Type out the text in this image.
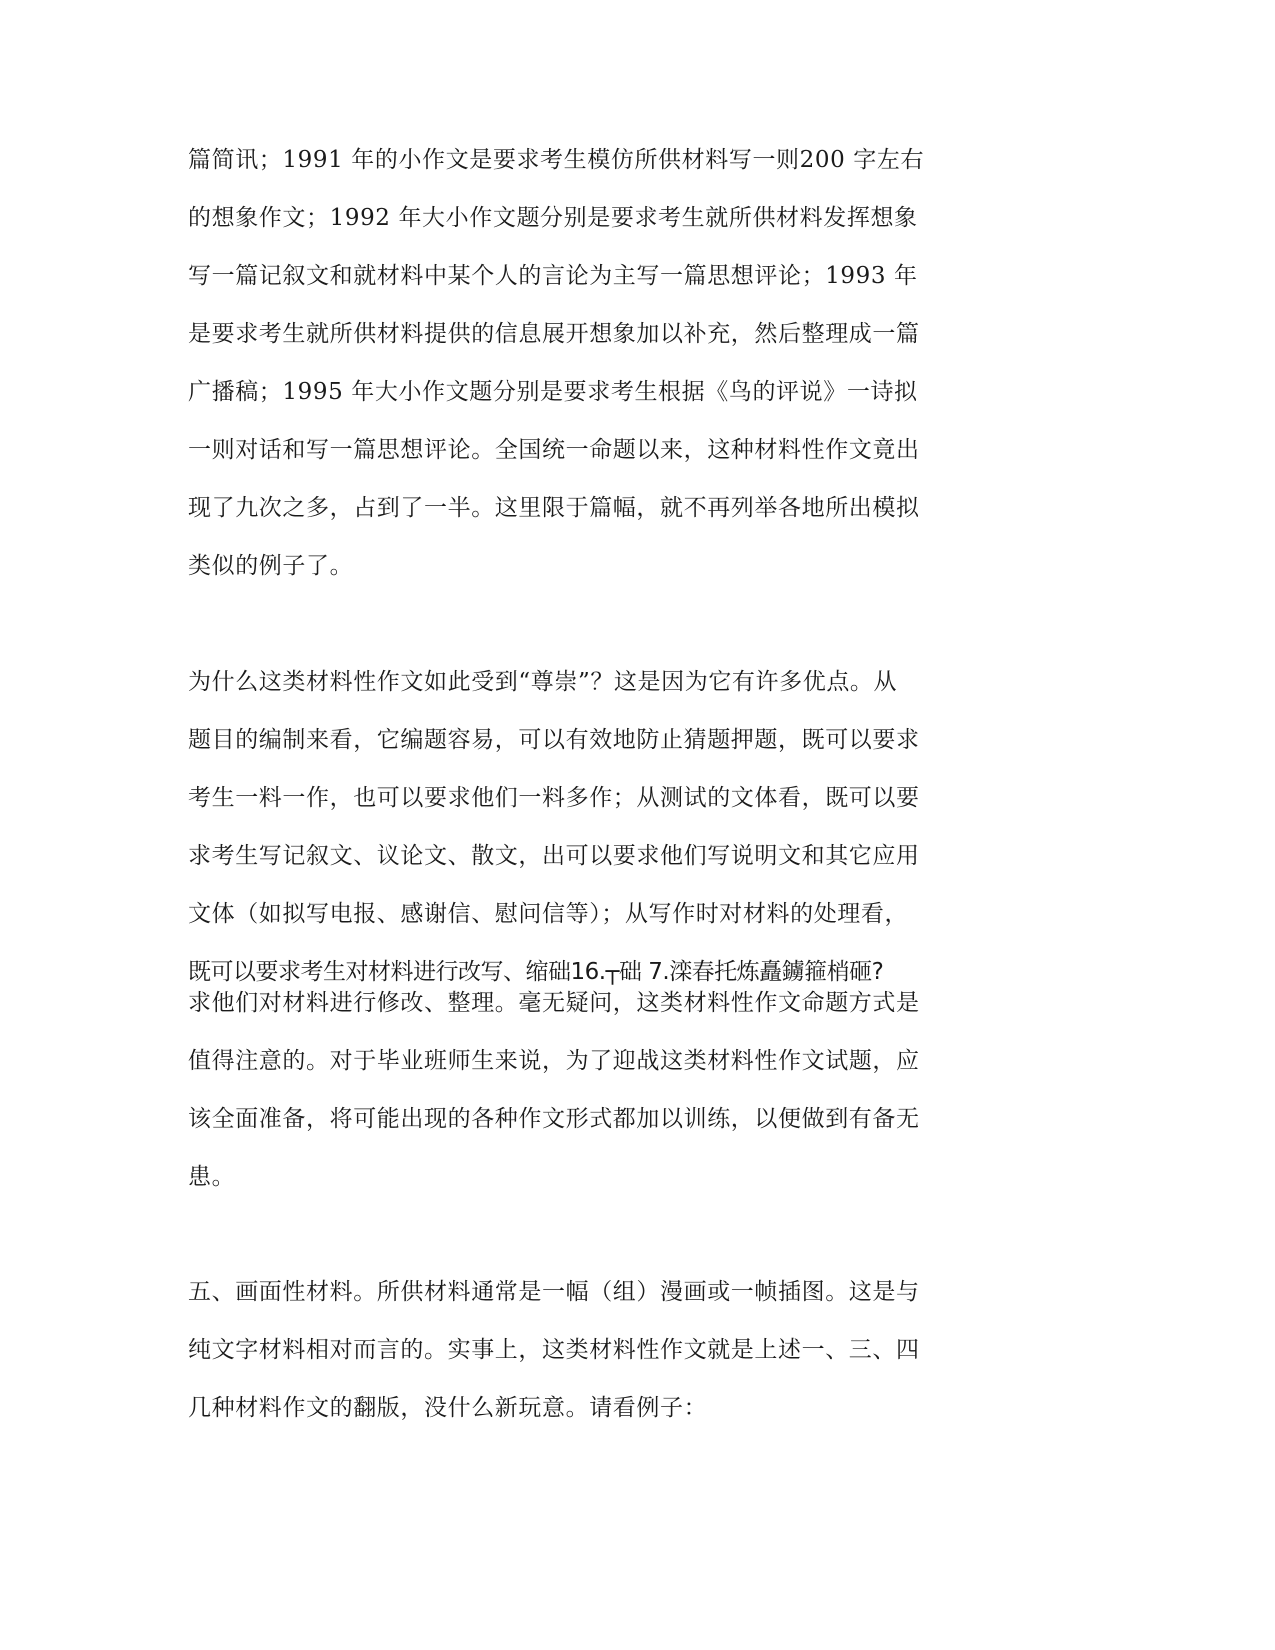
篇简讯；1991 年的小作文是要求考生模仿所供材料写一则200 字左右
的想象作文；1992 年大小作文题分别是要求考生就所供材料发挥想象
写一篇记叙文和就材料中某个人的言论为主写一篇思想评论；1993 年
是要求考生就所供材料提供的信息展开想象加以补充，然后整理成一篇
广播稿；1995 年大小作文题分别是要求考生根据《鸟的评说》一诗拟
一则对话和写一篇思想评论。全国统一命题以来，这种材料性作文竟出
现了九次之多，占到了一半。这里限于篇幅，就不再列举各地所出模拟
类似的例子了。
为什么这类材料性作文如此受到“尊崇”？这是因为它有许多优点。从
题目的编制来看，它编题容易，可以有效地防止猜题押题，既可以要求
考生一料一作，也可以要求他们一料多作；从测试的文体看，既可以要
求考生写记叙文、议论文、散文，出可以要求他们写说明文和其它应用
文体（如拟写电报、感谢信、慰问信等）；从写作时对材料的处理看，
既可以要求考生对材料进行改写、缩础16.┬础 7.滦春托炼矗鐪箍梢砸?
求他们对材料进行修改、整理。毫无疑问，这类材料性作文命题方式是
值得注意的。对于毕业班师生来说，为了迎战这类材料性作文试题，应
该全面准备，将可能出现的各种作文形式都加以训练，以便做到有备无
患。
五、画面性材料。所供材料通常是一幅（组）漫画或一帧插图。这是与
纯文字材料相对而言的。实事上，这类材料性作文就是上述一、三、四
几种材料作文的翻版，没什么新玩意。请看例子：
